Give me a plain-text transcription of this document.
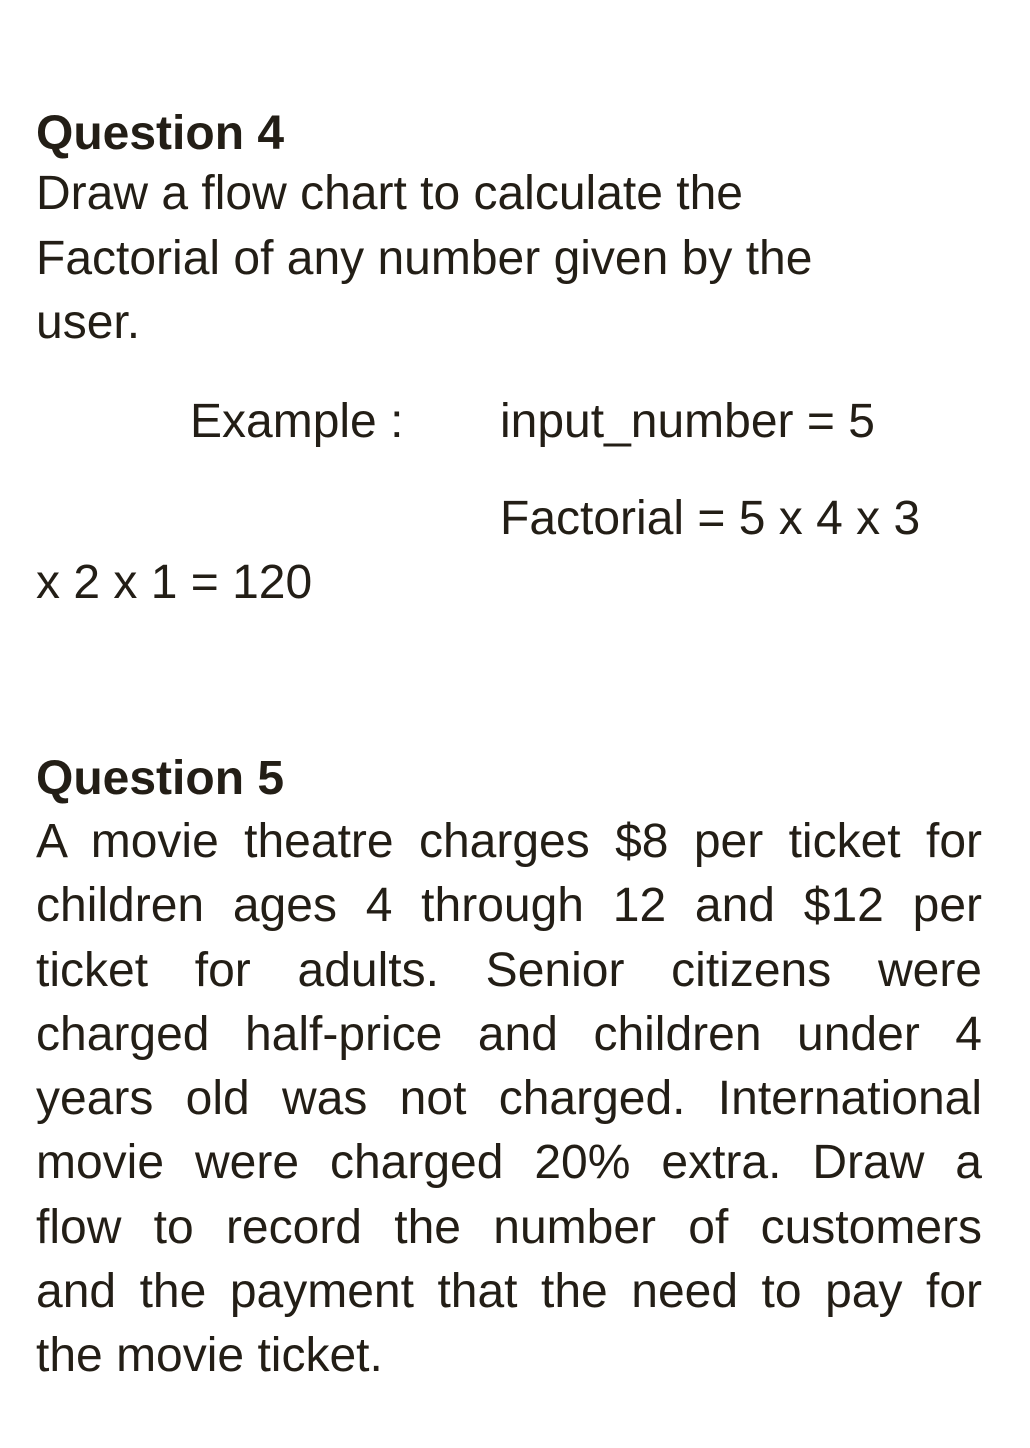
Question 4

Draw a flow chart to calculate the

Factorial of any number given by the

user.

Example : input_number = 5

Factorial = 5 x 4 x 3

x 2 x 1 = 120

Question 5
A movie theatre charges $8 per ticket for
children ages 4 through 12 and $12 per
ticket for adults. Senior citizens were
charged half-price and children under 4
years old was not charged. International
movie were charged 20% extra. Draw a
flow to record the number of customers
and the payment that the need to pay for
the movie ticket.
